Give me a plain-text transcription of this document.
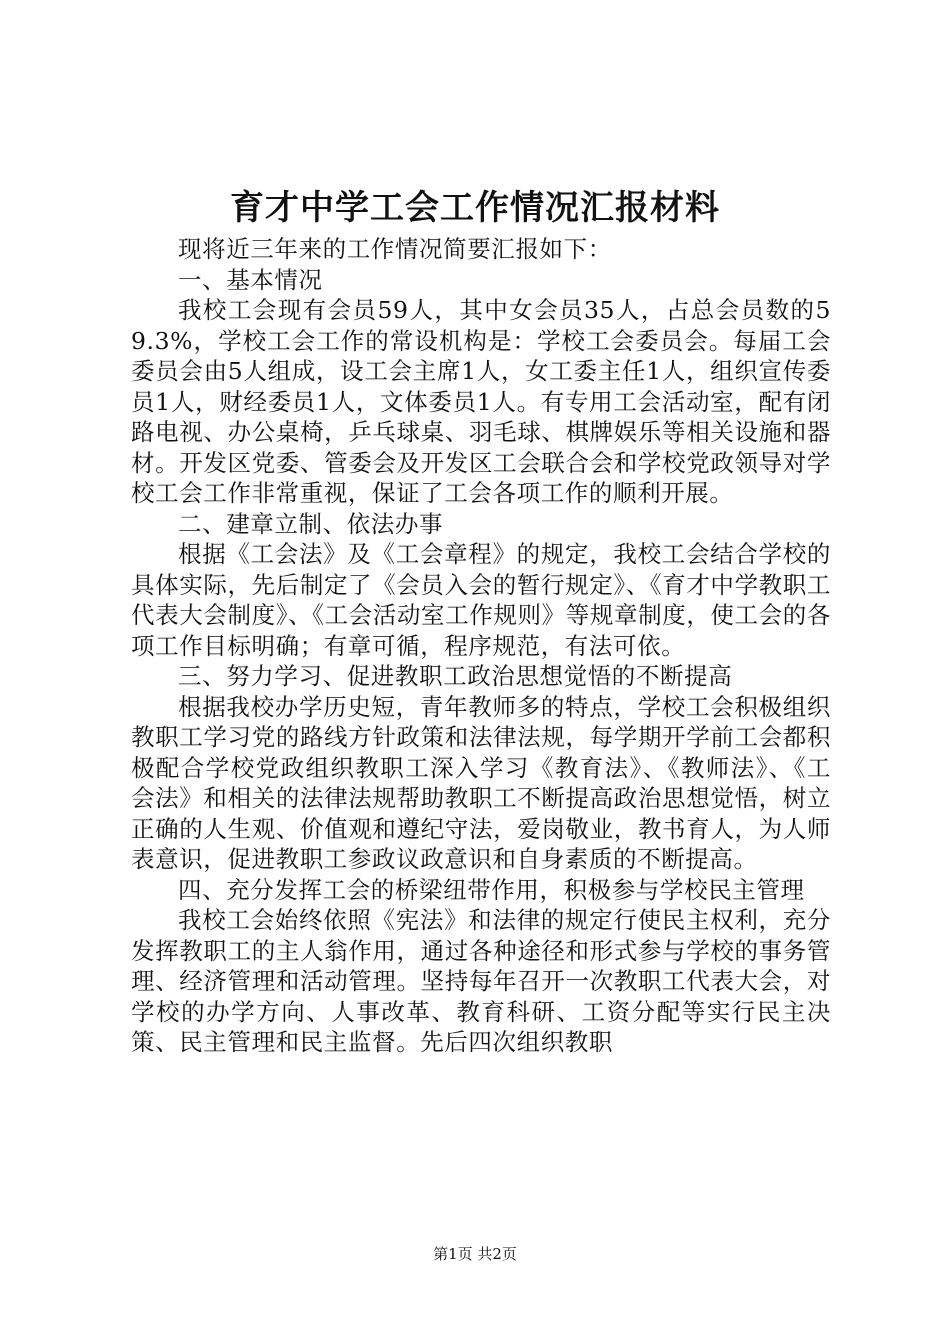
育才中学工会工作情况汇报材料

现将近三年来的工作情况简要汇报如下：

一、基本情况

我校工会现有会员59人，其中女会员35人，占总会员数的59.3%，学校工会工作的常设机构是：学校工会委员会。每届工会委员会由5人组成，设工会主席1人，女工委主任1人，组织宣传委员1人，财经委员1人，文体委员1人。有专用工会活动室，配有闭路电视、办公桌椅，乒乓球桌、羽毛球、棋牌娱乐等相关设施和器材。开发区党委、管委会及开发区工会联合会和学校党政领导对学校工会工作非常重视，保证了工会各项工作的顺利开展。

二、建章立制、依法办事

根据《工会法》及《工会章程》的规定，我校工会结合学校的具体实际，先后制定了《会员入会的暂行规定》、《育才中学教职工代表大会制度》、《工会活动室工作规则》等规章制度，使工会的各项工作目标明确；有章可循，程序规范，有法可依。

三、努力学习、促进教职工政治思想觉悟的不断提高

根据我校办学历史短，青年教师多的特点，学校工会积极组织教职工学习党的路线方针政策和法律法规，每学期开学前工会都积极配合学校党政组织教职工深入学习《教育法》、《教师法》、《工会法》和相关的法律法规帮助教职工不断提高政治思想觉悟，树立正确的人生观、价值观和遵纪守法，爱岗敬业，教书育人，为人师表意识，促进教职工参政议政意识和自身素质的不断提高。

四、充分发挥工会的桥梁纽带作用，积极参与学校民主管理

我校工会始终依照《宪法》和法律的规定行使民主权利，充分发挥教职工的主人翁作用，通过各种途径和形式参与学校的事务管理、经济管理和活动管理。坚持每年召开一次教职工代表大会，对学校的办学方向、人事改革、教育科研、工资分配等实行民主决策、民主管理和民主监督。先后四次组织教职

第1页 共2页
